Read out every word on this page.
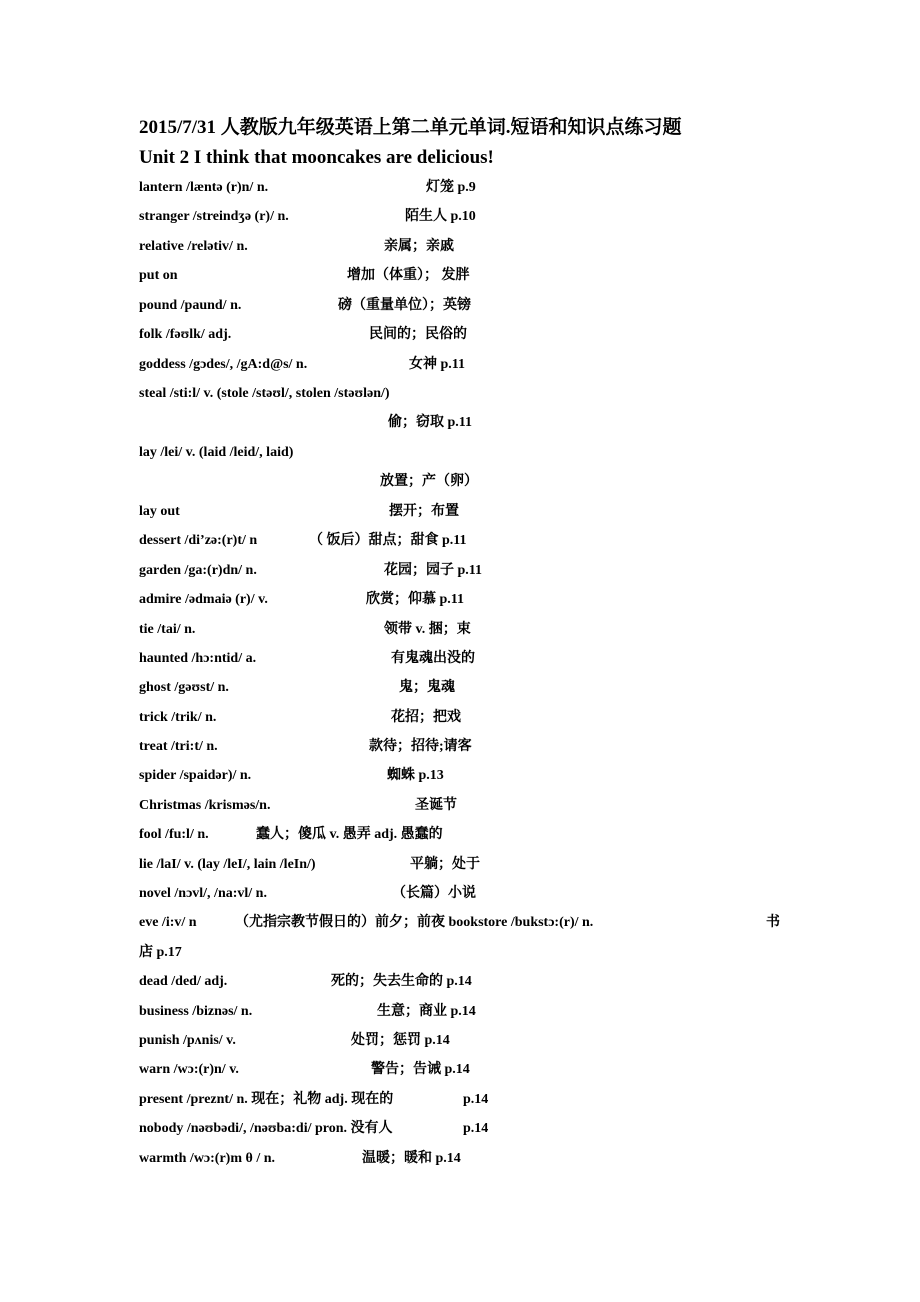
2015/7/31 人教版九年级英语上第二单元单词.短语和知识点练习题
Unit 2 I think that mooncakes are delicious!
lantern /læntə (r)n/ n.	灯笼 p.9
stranger /streindʒə (r)/ n.	陌生人 p.10
relative /relətiv/ n.	亲属；亲戚
put on	增加（体重）； 发胖
pound /paund/ n.	磅（重量单位）；英镑
folk /fəʊlk/ adj.	民间的；民俗的
goddess /gɔdes/, /gA:d@s/ n.	女神 p.11
steal /sti:l/ v. (stole /stəʊl/, stolen /stəʊlən/)
偷；窃取 p.11
lay /lei/ v. (laid /leid/, laid)
放置；产（卵）
lay out	摆开；布置
dessert /di’zə:(r)t/ n	（ 饭后）甜点；甜食 p.11
garden /ga:(r)dn/ n.	花园；园子 p.11
admire /ədmaiə (r)/ v.	欣赏；仰慕 p.11
tie /tai/ n.	领带 v. 捆；束
haunted /hɔ:ntid/ a.	有鬼魂出没的
ghost /gəʊst/ n.	鬼；鬼魂
trick /trik/ n.	花招；把戏
treat /tri:t/ n.	款待；招待;请客
spider /spaidər)/ n.	蜘蛛 p.13
Christmas /krisməs/n.	圣诞节
fool /fu:l/ n.	蠢人；傻瓜 v. 愚弄 adj. 愚蠢的
lie /laI/ v. (lay /leI/, lain /leIn/)	平躺；处于
novel /nɔvl/, /na:vl/ n.	（长篇）小说
eve /i:v/ n	（尤指宗教节假日的）前夕；前夜 bookstore /bukstɔ:(r)/ n.	书
店 p.17
dead /ded/ adj.	死的；失去生命的 p.14
business /biznəs/ n.	生意；商业 p.14
punish /pʌnis/ v.	处罚；惩罚 p.14
warn /wɔ:(r)n/ v.	警告；告诫 p.14
present /preznt/ n. 现在；礼物 adj. 现在的	p.14
nobody /nəʊbədi/, /nəʊba:di/ pron. 没有人	p.14
warmth /wɔ:(r)m θ / n.	温暖；暖和 p.14
